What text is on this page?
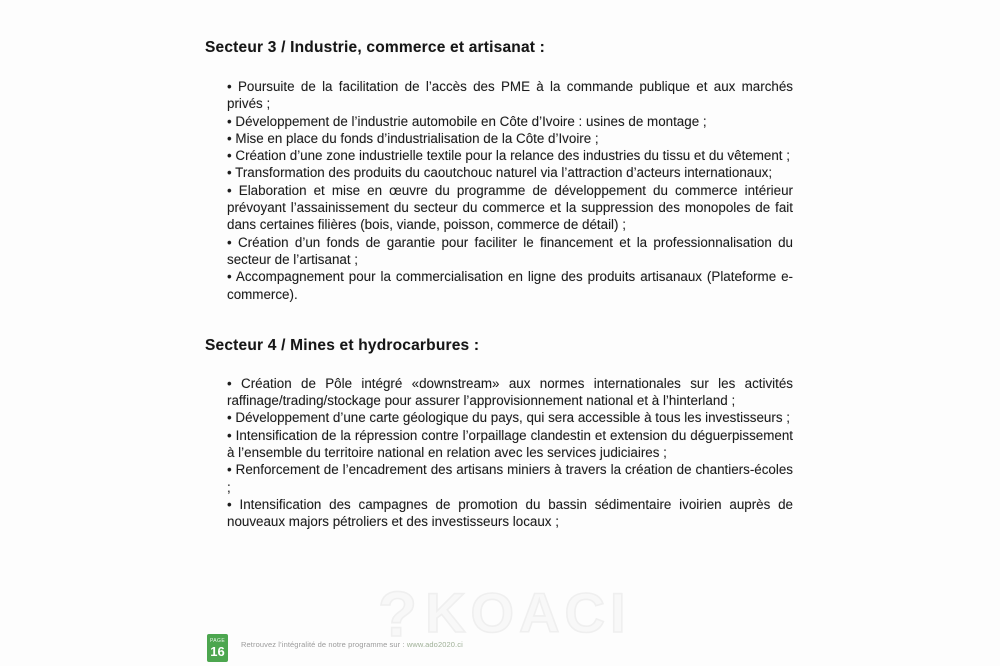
Secteur 3 / Industrie, commerce et artisanat :

• Poursuite de la facilitation de l’accès des PME à la commande publique et aux marchés privés ;

• Développement de l’industrie automobile en Côte d’Ivoire : usines de montage ;

• Mise en place du fonds d’industrialisation de la Côte d’Ivoire ;

• Création d’une zone industrielle textile pour la relance des industries du tissu et du vêtement ;

• Transformation des produits du caoutchouc naturel via l’attraction d’acteurs internationaux;

• Elaboration et mise en œuvre du programme de développement du commerce intérieur prévoyant l’assainissement du secteur du commerce et la suppression des monopoles de fait dans certaines filières (bois, viande, poisson, commerce de détail) ;

• Création d’un fonds de garantie pour faciliter le financement et la professionnalisation du secteur de l’artisanat ;

• Accompagnement pour la commercialisation en ligne des produits artisanaux (Plateforme e-commerce).

Secteur 4 / Mines et hydrocarbures :

• Création de Pôle intégré «downstream» aux normes internationales sur les activités raffinage/trading/stockage pour assurer l’approvisionnement national et à l’hinterland ;

• Développement d’une carte géologique du pays, qui sera accessible à tous les investisseurs ;

• Intensification de la répression contre l’orpaillage clandestin et extension du déguerpissement à l’ensemble du territoire national en relation avec les services judiciaires ;

• Renforcement de l’encadrement des artisans miniers à travers la création de chantiers-écoles ;

• Intensification des campagnes de promotion du bassin sédimentaire ivoirien auprès de nouveaux majors pétroliers et des investisseurs locaux ;

? KOACI
PAGE
16 Retrouvez l’intégralité de notre programme sur : www.ado2020.ci
